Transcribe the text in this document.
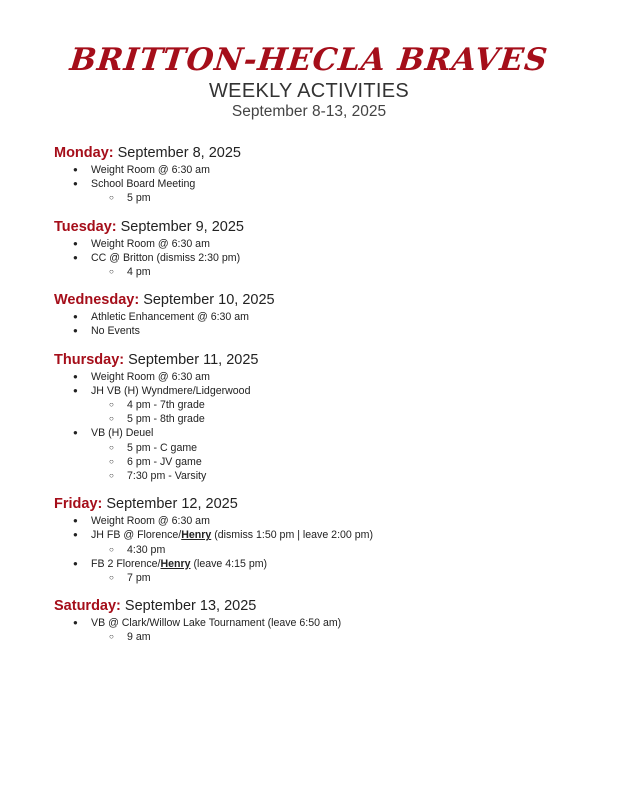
BRITTON-HECLA BRAVES
WEEKLY ACTIVITIES
September 8-13, 2025
Monday: September 8, 2025
● Weight Room @ 6:30 am
● School Board Meeting
○ 5 pm
Tuesday: September 9, 2025
● Weight Room @ 6:30 am
● CC @ Britton (dismiss 2:30 pm)
○ 4 pm
Wednesday: September 10, 2025
● Athletic Enhancement @ 6:30 am
● No Events
Thursday: September 11, 2025
● Weight Room @ 6:30 am
● JH VB (H) Wyndmere/Lidgerwood
○ 4 pm - 7th grade
○ 5 pm - 8th grade
● VB (H) Deuel
○ 5 pm - C game
○ 6 pm - JV game
○ 7:30 pm - Varsity
Friday: September 12, 2025
● Weight Room @ 6:30 am
● JH FB @ Florence/Henry (dismiss 1:50 pm | leave 2:00 pm)
○ 4:30 pm
● FB 2 Florence/Henry (leave 4:15 pm)
○ 7 pm
Saturday: September 13, 2025
● VB @ Clark/Willow Lake Tournament (leave 6:50 am)
○ 9 am
